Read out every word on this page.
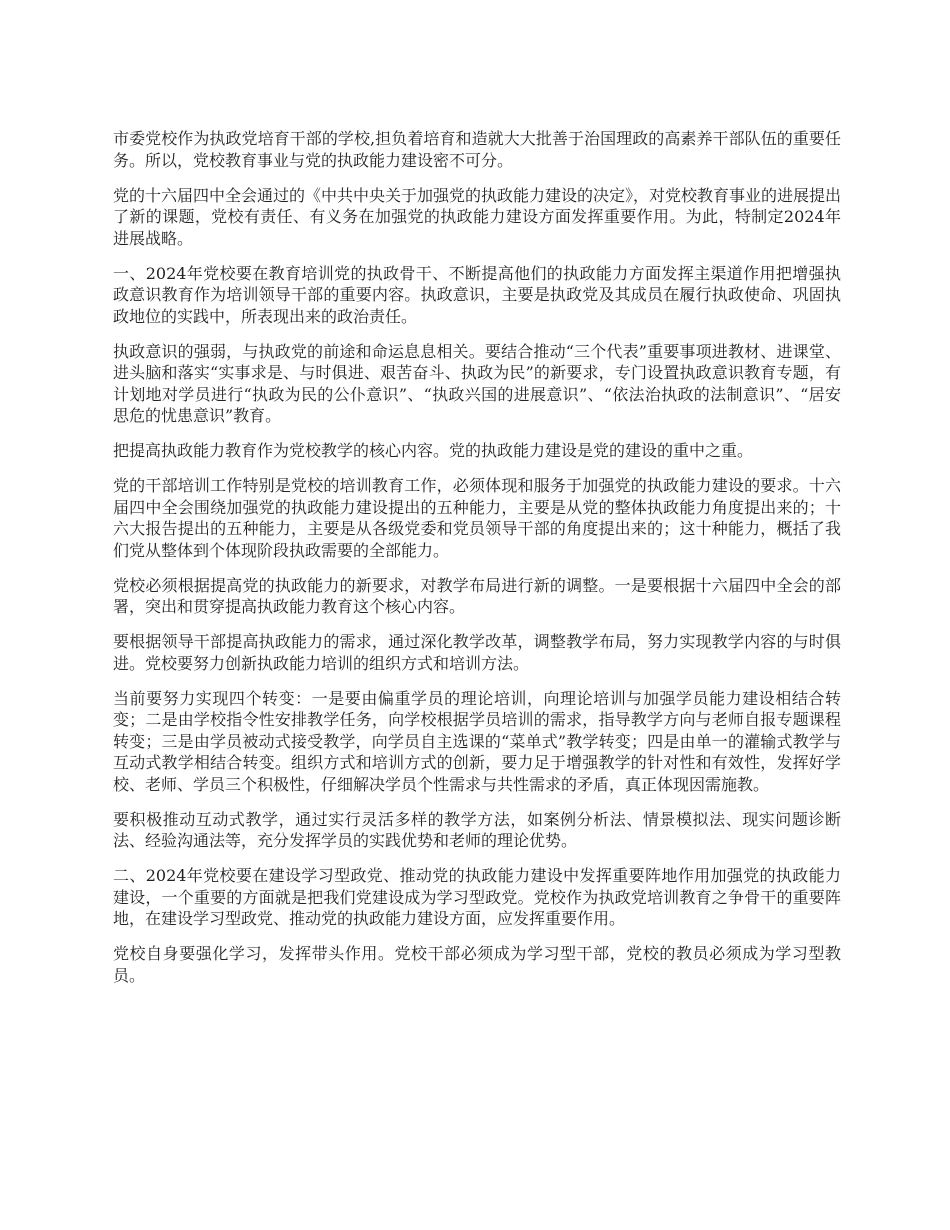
市委党校作为执政党培育干部的学校,担负着培育和造就大大批善于治国理政的高素养干部队伍的重要任务。所以，党校教育事业与党的执政能力建设密不可分。

党的十六届四中全会通过的《中共中央关于加强党的执政能力建设的决定》，对党校教育事业的进展提出了新的课题，党校有责任、有义务在加强党的执政能力建设方面发挥重要作用。为此，特制定2024年进展战略。

一、2024年党校要在教育培训党的执政骨干、不断提高他们的执政能力方面发挥主渠道作用把增强执政意识教育作为培训领导干部的重要内容。执政意识，主要是执政党及其成员在履行执政使命、巩固执政地位的实践中，所表现出来的政治责任。

执政意识的强弱，与执政党的前途和命运息息相关。要结合推动“三个代表”重要事项进教材、进课堂、进头脑和落实“实事求是、与时俱进、艰苦奋斗、执政为民”的新要求，专门设置执政意识教育专题，有计划地对学员进行“执政为民的公仆意识”、“执政兴国的进展意识”、“依法治执政的法制意识”、“居安思危的忧患意识”教育。

把提高执政能力教育作为党校教学的核心内容。党的执政能力建设是党的建设的重中之重。

党的干部培训工作特别是党校的培训教育工作，必须体现和服务于加强党的执政能力建设的要求。十六届四中全会围绕加强党的执政能力建设提出的五种能力，主要是从党的整体执政能力角度提出来的；十六大报告提出的五种能力，主要是从各级党委和党员领导干部的角度提出来的；这十种能力，概括了我们党从整体到个体现阶段执政需要的全部能力。

党校必须根据提高党的执政能力的新要求，对教学布局进行新的调整。一是要根据十六届四中全会的部署，突出和贯穿提高执政能力教育这个核心内容。

要根据领导干部提高执政能力的需求，通过深化教学改革，调整教学布局，努力实现教学内容的与时俱进。党校要努力创新执政能力培训的组织方式和培训方法。

当前要努力实现四个转变：一是要由偏重学员的理论培训，向理论培训与加强学员能力建设相结合转变；二是由学校指令性安排教学任务，向学校根据学员培训的需求，指导教学方向与老师自报专题课程转变；三是由学员被动式接受教学，向学员自主选课的“菜单式”教学转变；四是由单一的灌输式教学与互动式教学相结合转变。组织方式和培训方式的创新，要力足于增强教学的针对性和有效性，发挥好学校、老师、学员三个积极性，仔细解决学员个性需求与共性需求的矛盾，真正体现因需施教。

要积极推动互动式教学，通过实行灵活多样的教学方法，如案例分析法、情景模拟法、现实问题诊断法、经验沟通法等，充分发挥学员的实践优势和老师的理论优势。

二、2024年党校要在建设学习型政党、推动党的执政能力建设中发挥重要阵地作用加强党的执政能力建设，一个重要的方面就是把我们党建设成为学习型政党。党校作为执政党培训教育之争骨干的重要阵地，在建设学习型政党、推动党的执政能力建设方面，应发挥重要作用。

党校自身要强化学习，发挥带头作用。党校干部必须成为学习型干部，党校的教员必须成为学习型教员。
